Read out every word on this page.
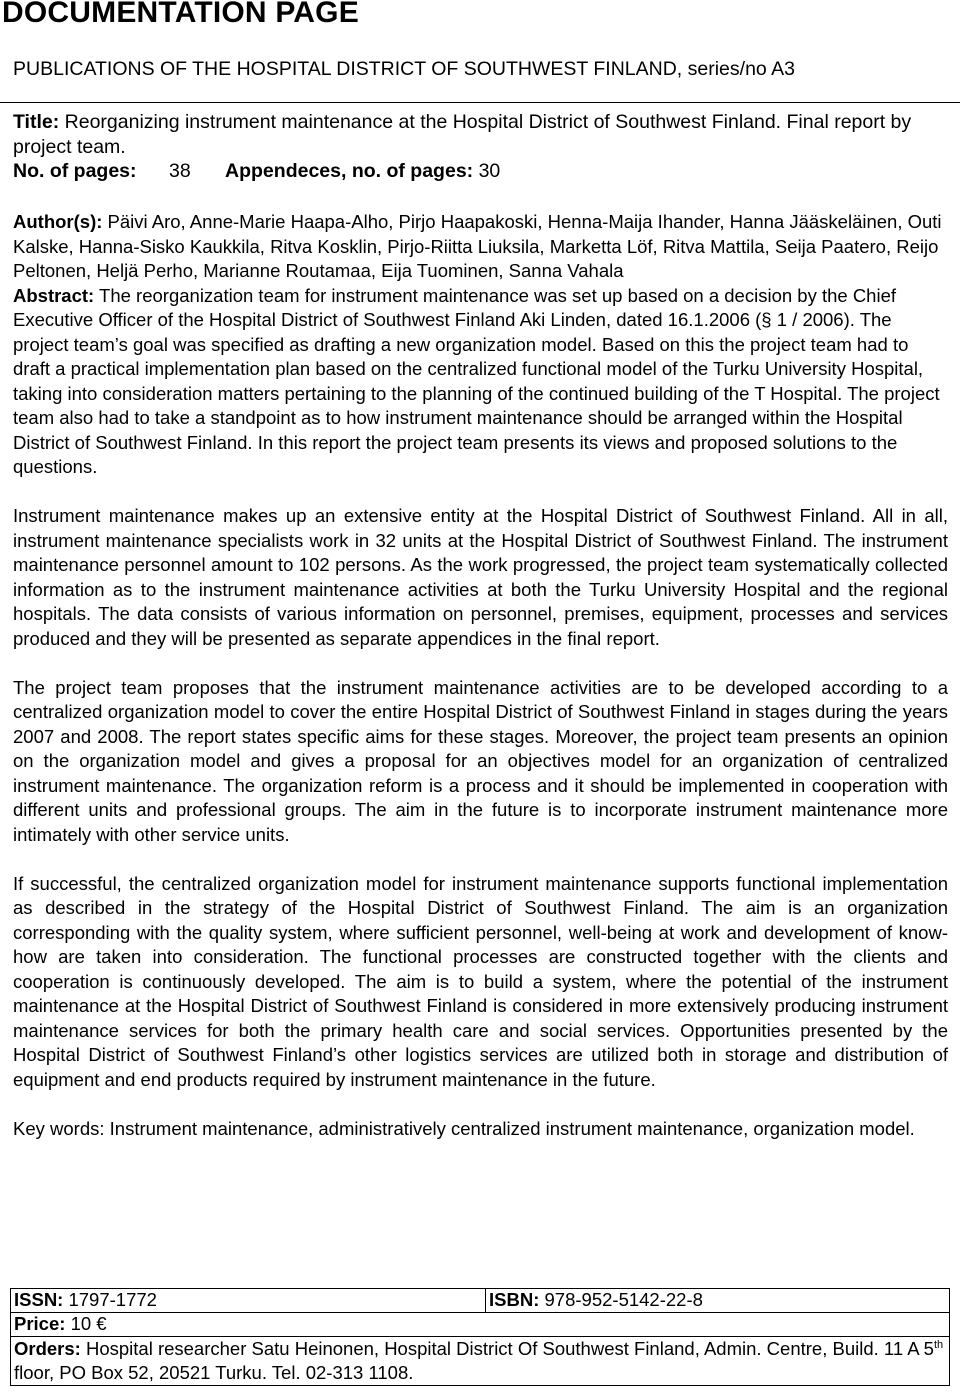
DOCUMENTATION PAGE

PUBLICATIONS OF THE HOSPITAL DISTRICT OF SOUTHWEST FINLAND, series/no A3

Title: Reorganizing instrument maintenance at the Hospital District of Southwest Finland. Final report by project team.

No. of pages: 38 Appendeces, no. of pages: 30

Author(s): Päivi Aro, Anne-Marie Haapa-Alho, Pirjo Haapakoski, Henna-Maija Ihander, Hanna Jääskeläinen, Outi Kalske, Hanna-Sisko Kaukkila, Ritva Kosklin, Pirjo-Riitta Liuksila, Marketta Löf, Ritva Mattila, Seija Paatero, Reijo Peltonen, Heljä Perho, Marianne Routamaa, Eija Tuominen, Sanna Vahala

Abstract: The reorganization team for instrument maintenance was set up based on a decision by the Chief Executive Officer of the Hospital District of Southwest Finland Aki Linden, dated 16.1.2006 (§ 1 / 2006). The project team’s goal was specified as drafting a new organization model. Based on this the project team had to draft a practical implementation plan based on the centralized functional model of the Turku University Hospital, taking into consideration matters pertaining to the planning of the continued building of the T Hospital. The project team also had to take a standpoint as to how instrument maintenance should be arranged within the Hospital District of Southwest Finland. In this report the project team presents its views and proposed solutions to the questions.

Instrument maintenance makes up an extensive entity at the Hospital District of Southwest Finland. All in all, instrument maintenance specialists work in 32 units at the Hospital District of Southwest Finland. The instrument maintenance personnel amount to 102 persons. As the work progressed, the project team systematically collected information as to the instrument maintenance activities at both the Turku University Hospital and the regional hospitals. The data consists of various information on personnel, premises, equipment, processes and services produced and they will be presented as separate appendices in the final report.

The project team proposes that the instrument maintenance activities are to be developed according to a centralized organization model to cover the entire Hospital District of Southwest Finland in stages during the years 2007 and 2008. The report states specific aims for these stages. Moreover, the project team presents an opinion on the organization model and gives a proposal for an objectives model for an organization of centralized instrument maintenance. The organization reform is a process and it should be implemented in cooperation with different units and professional groups. The aim in the future is to incorporate instrument maintenance more intimately with other service units.

If successful, the centralized organization model for instrument maintenance supports functional implementation as described in the strategy of the Hospital District of Southwest Finland. The aim is an organization corresponding with the quality system, where sufficient personnel, well-being at work and development of know-how are taken into consideration. The functional processes are constructed together with the clients and cooperation is continuously developed. The aim is to build a system, where the potential of the instrument maintenance at the Hospital District of Southwest Finland is considered in more extensively producing instrument maintenance services for both the primary health care and social services. Opportunities presented by the Hospital District of Southwest Finland’s other logistics services are utilized both in storage and distribution of equipment and end products required by instrument maintenance in the future.

Key words: Instrument maintenance, administratively centralized instrument maintenance, organization model.

ISSN: 1797-1772	ISBN: 978-952-5142-22-8
Price: 10 €
Orders: Hospital researcher Satu Heinonen, Hospital District Of Southwest Finland, Admin. Centre, Build. 11 A 5th floor, PO Box 52, 20521 Turku. Tel. 02-313 1108.
